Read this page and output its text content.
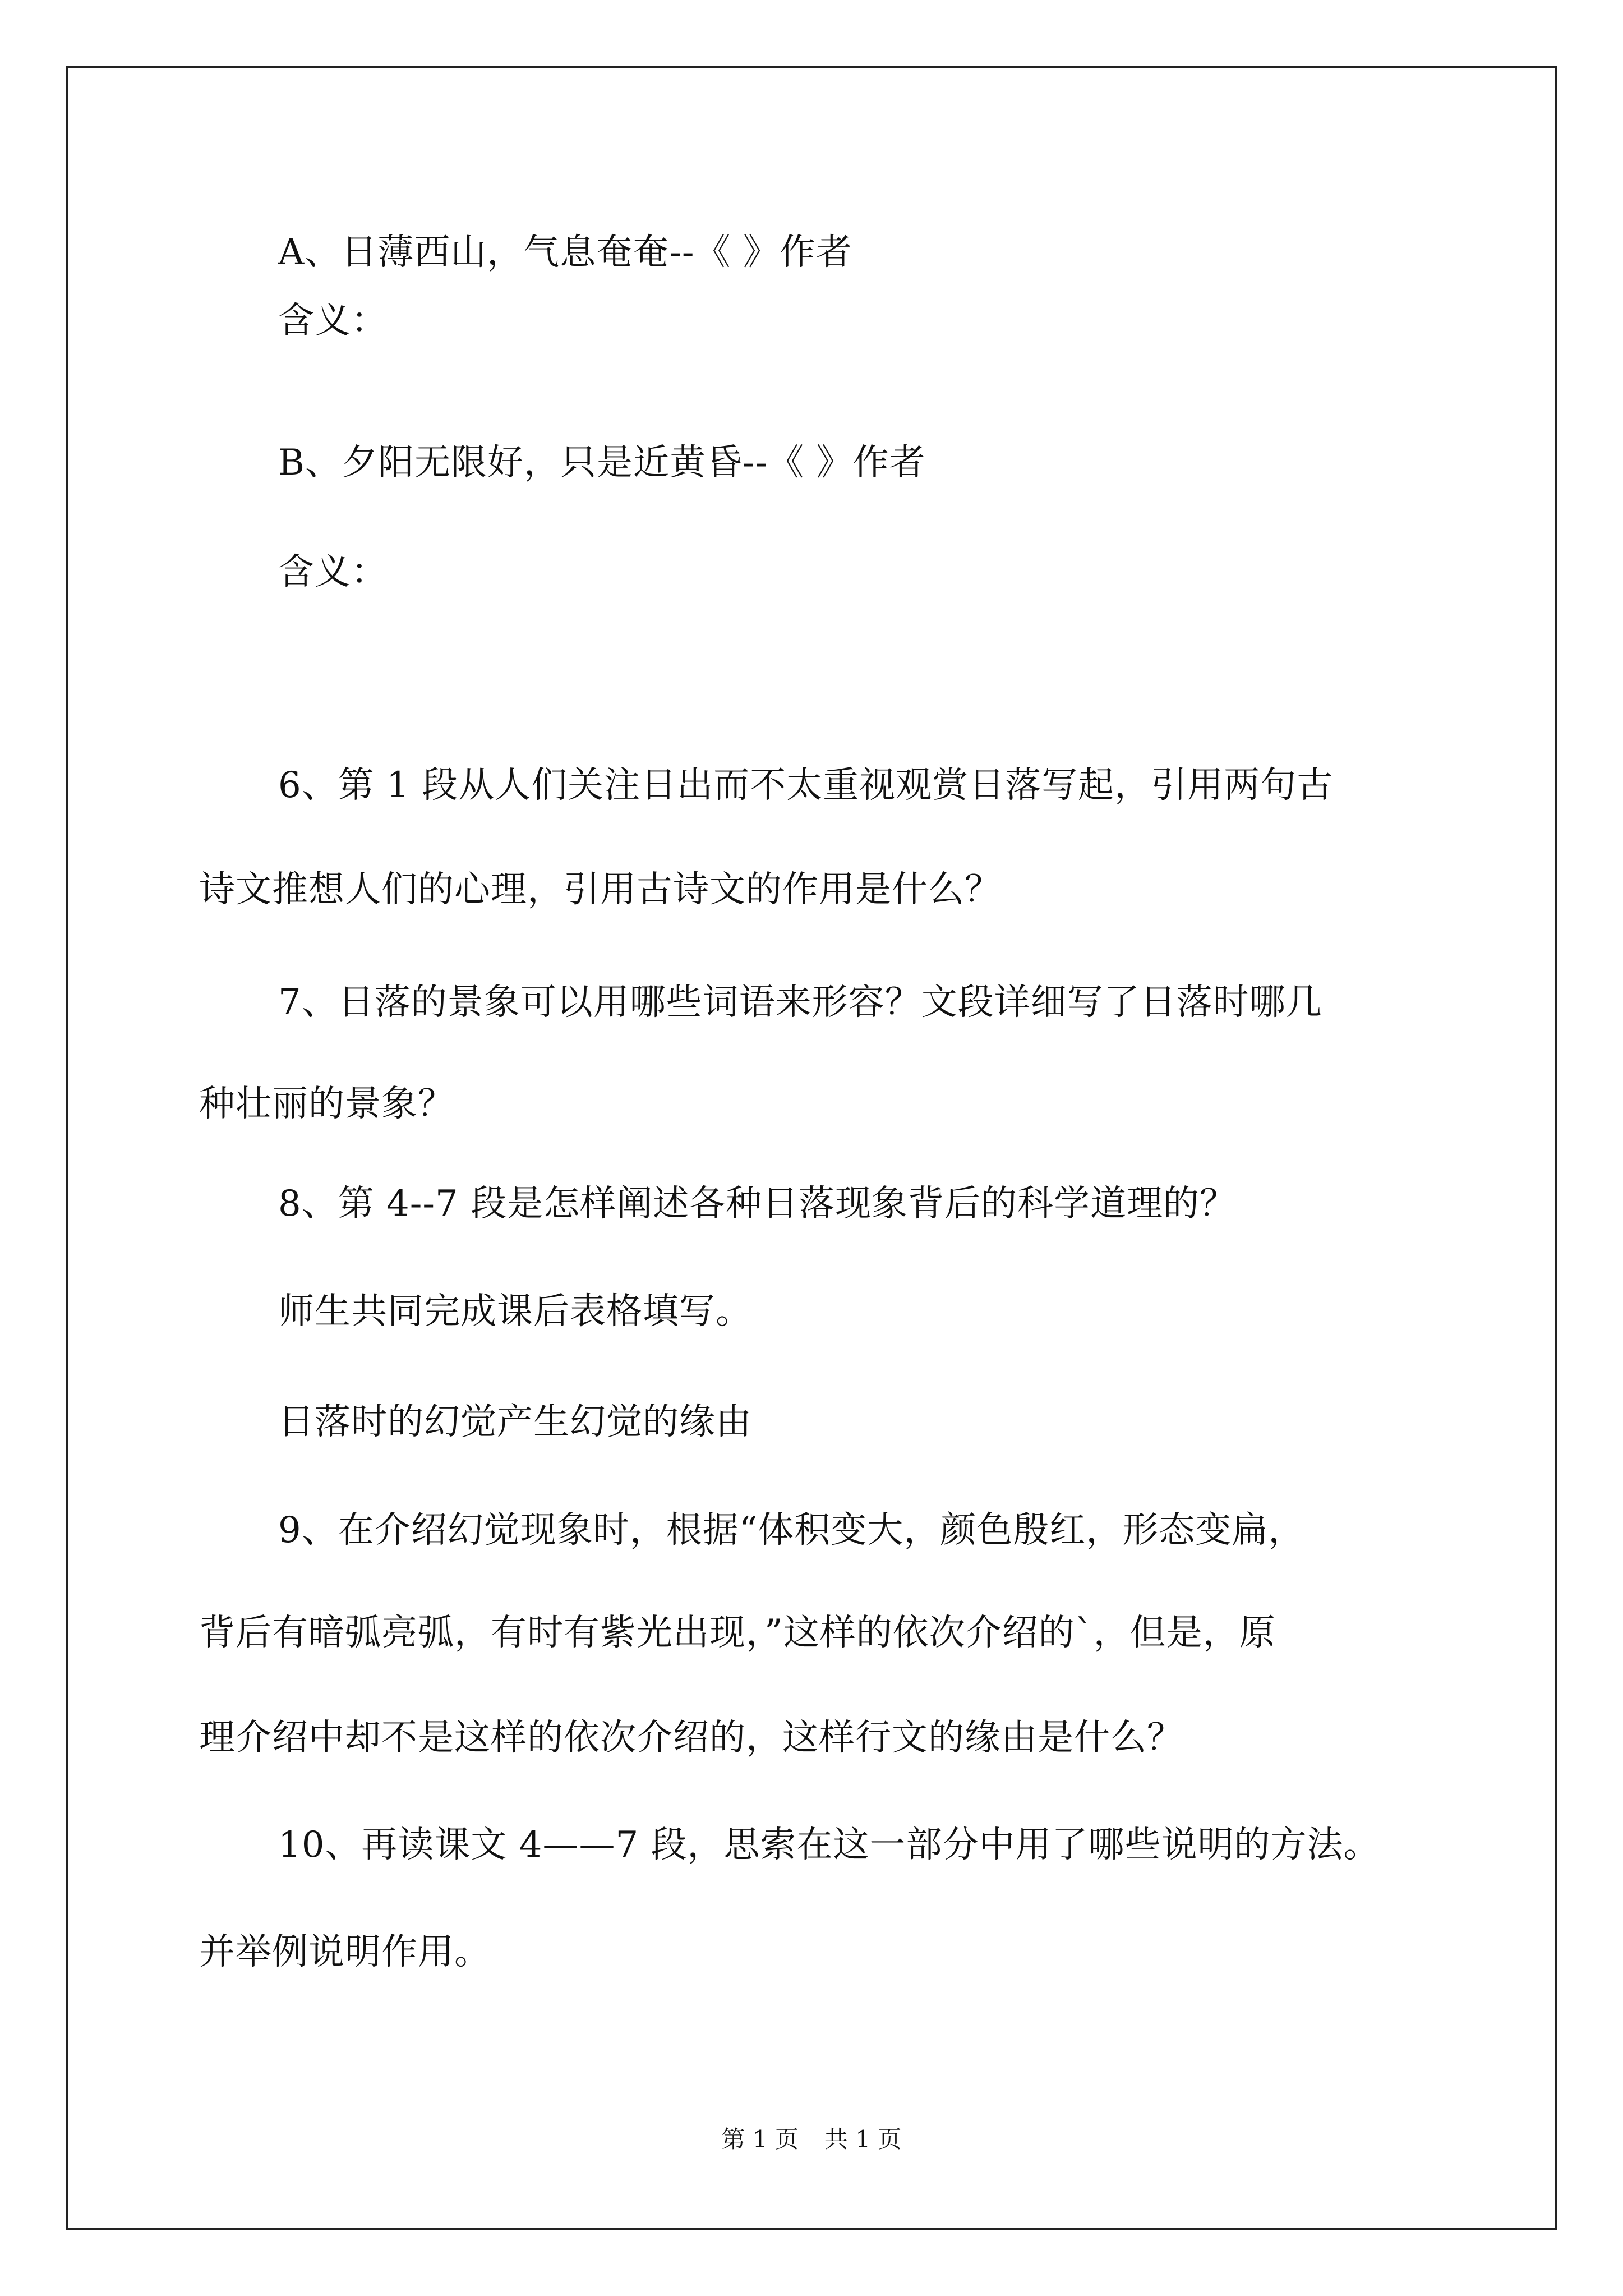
A、日薄西山，气息奄奄--《 》作者
含义：
B、夕阳无限好，只是近黄昏--《 》作者
含义：
6、第 1 段从人们关注日出而不太重视观赏日落写起，引用两句古
诗文推想人们的心理，引用古诗文的作用是什么？
7、日落的景象可以用哪些词语来形容？文段详细写了日落时哪几
种壮丽的景象？
8、第 4--7 段是怎样阐述各种日落现象背后的科学道理的？
师生共同完成课后表格填写。
日落时的幻觉产生幻觉的缘由
9、在介绍幻觉现象时，根据“体积变大，颜色殷红，形态变扁，
背后有暗弧亮弧，有时有紫光出现，”这样的依次介绍的`，但是，原
理介绍中却不是这样的依次介绍的，这样行文的缘由是什么？
10、再读课文 4——7 段，思索在这一部分中用了哪些说明的方法。
并举例说明作用。
第 1 页 共 1 页
